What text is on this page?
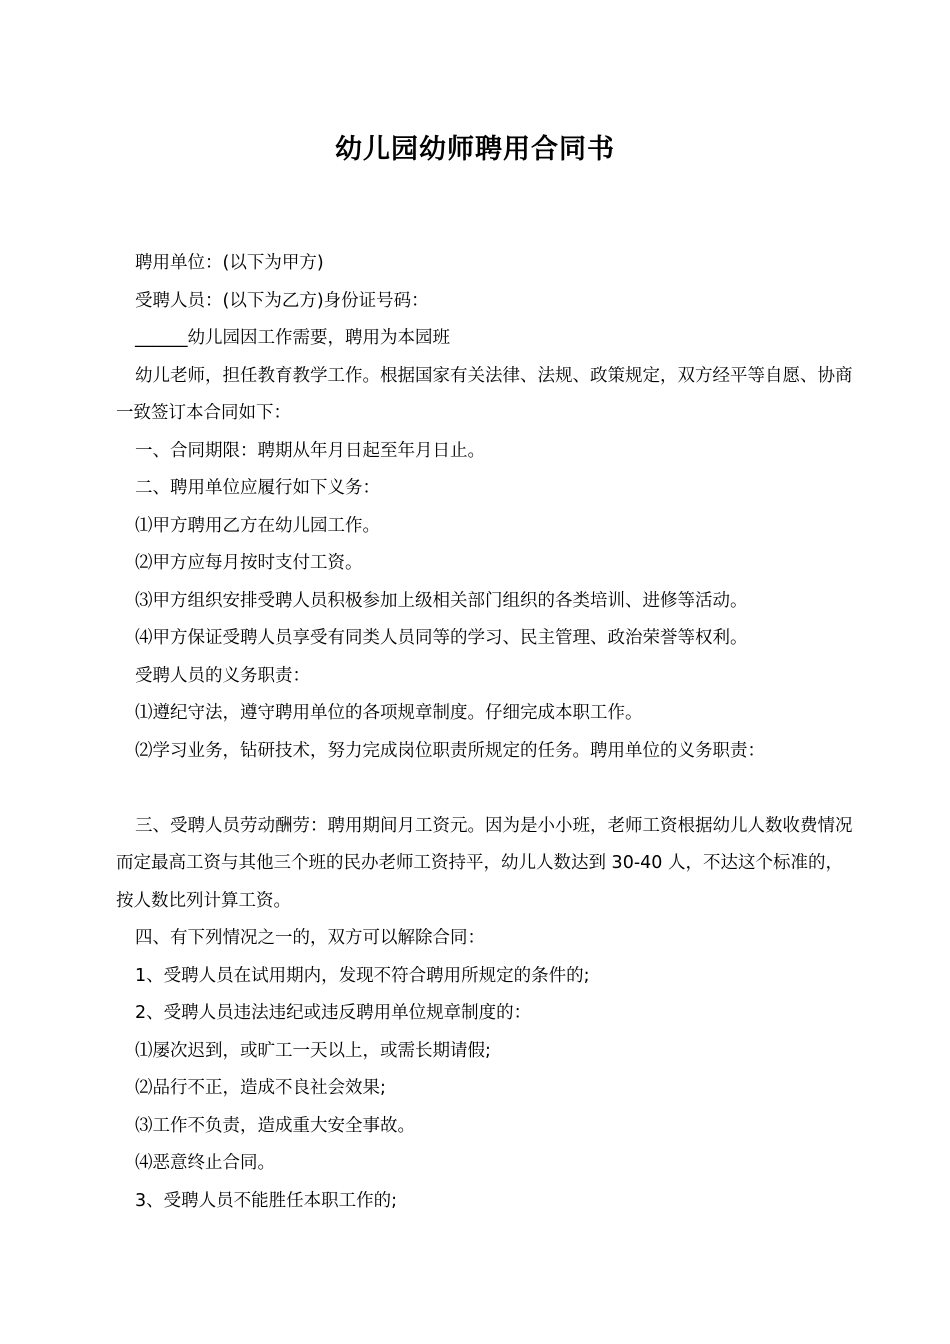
幼儿园幼师聘用合同书

聘用单位：(以下为甲方)

受聘人员：(以下为乙方)身份证号码：

______幼儿园因工作需要，聘用为本园班

幼儿老师，担任教育教学工作。根据国家有关法律、法规、政策规定，双方经平等自愿、协商一致签订本合同如下：

一、合同期限：聘期从年月日起至年月日止。

二、聘用单位应履行如下义务：

⑴甲方聘用乙方在幼儿园工作。

⑵甲方应每月按时支付工资。

⑶甲方组织安排受聘人员积极参加上级相关部门组织的各类培训、进修等活动。

⑷甲方保证受聘人员享受有同类人员同等的学习、民主管理、政治荣誉等权利。

受聘人员的义务职责：

⑴遵纪守法，遵守聘用单位的各项规章制度。仔细完成本职工作。

⑵学习业务，钻研技术，努力完成岗位职责所规定的任务。聘用单位的义务职责：

三、受聘人员劳动酬劳：聘用期间月工资元。因为是小小班，老师工资根据幼儿人数收费情况而定最高工资与其他三个班的民办老师工资持平，幼儿人数达到 30-40 人，不达这个标准的，按人数比列计算工资。

四、有下列情况之一的，双方可以解除合同：

1、受聘人员在试用期内，发现不符合聘用所规定的条件的;

2、受聘人员违法违纪或违反聘用单位规章制度的：

⑴屡次迟到，或旷工一天以上，或需长期请假;

⑵品行不正，造成不良社会效果;

⑶工作不负责，造成重大安全事故。

⑷恶意终止合同。

3、受聘人员不能胜任本职工作的;
